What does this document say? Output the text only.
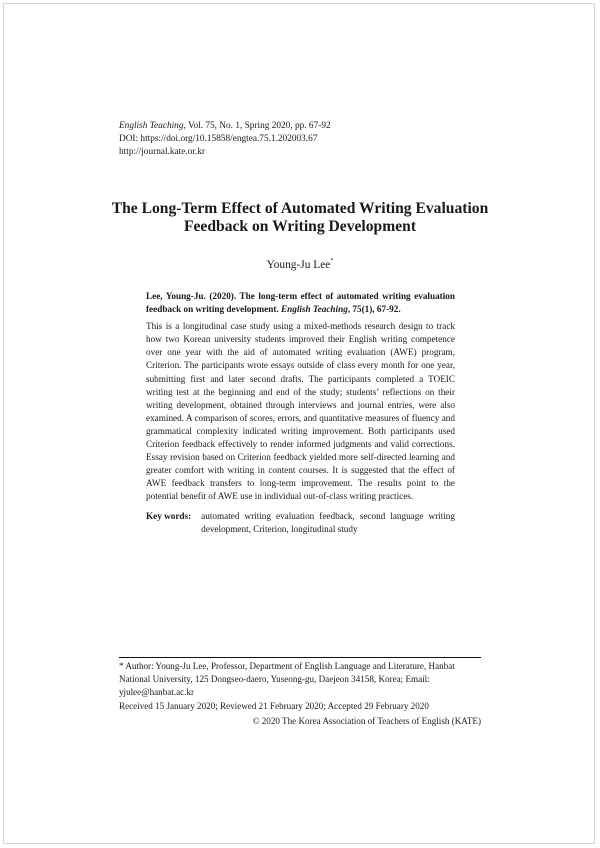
English Teaching, Vol. 75, No. 1, Spring 2020, pp. 67-92
DOI: https://doi.org/10.15858/engtea.75.1.202003.67
http://journal.kate.or.kr
The Long-Term Effect of Automated Writing Evaluation
Feedback on Writing Development
Young-Ju Lee*
Lee, Young-Ju. (2020). The long-term effect of automated writing evaluation feedback on writing development. English Teaching, 75(1), 67-92.

This is a longitudinal case study using a mixed-methods research design to track how two Korean university students improved their English writing competence over one year with the aid of automated writing evaluation (AWE) program, Criterion. The participants wrote essays outside of class every month for one year, submitting first and later second drafts. The participants completed a TOEIC writing test at the beginning and end of the study; students’ reflections on their writing development, obtained through interviews and journal entries, were also examined. A comparison of scores, errors, and quantitative measures of fluency and grammatical complexity indicated writing improvement. Both participants used Criterion feedback effectively to render informed judgments and valid corrections. Essay revision based on Criterion feedback yielded more self-directed learning and greater comfort with writing in content courses. It is suggested that the effect of AWE feedback transfers to long-term improvement. The results point to the potential benefit of AWE use in individual out-of-class writing practices.

Key words: automated writing evaluation feedback, second language writing development, Criterion, longitudinal study
* Author: Young-Ju Lee, Professor, Department of English Language and Literature, Hanbat National University, 125 Dongseo-daero, Yuseong-gu, Daejeon 34158, Korea; Email: yjulee@hanbat.ac.kr
Received 15 January 2020; Reviewed 21 February 2020; Accepted 29 February 2020
© 2020 The Korea Association of Teachers of English (KATE)
